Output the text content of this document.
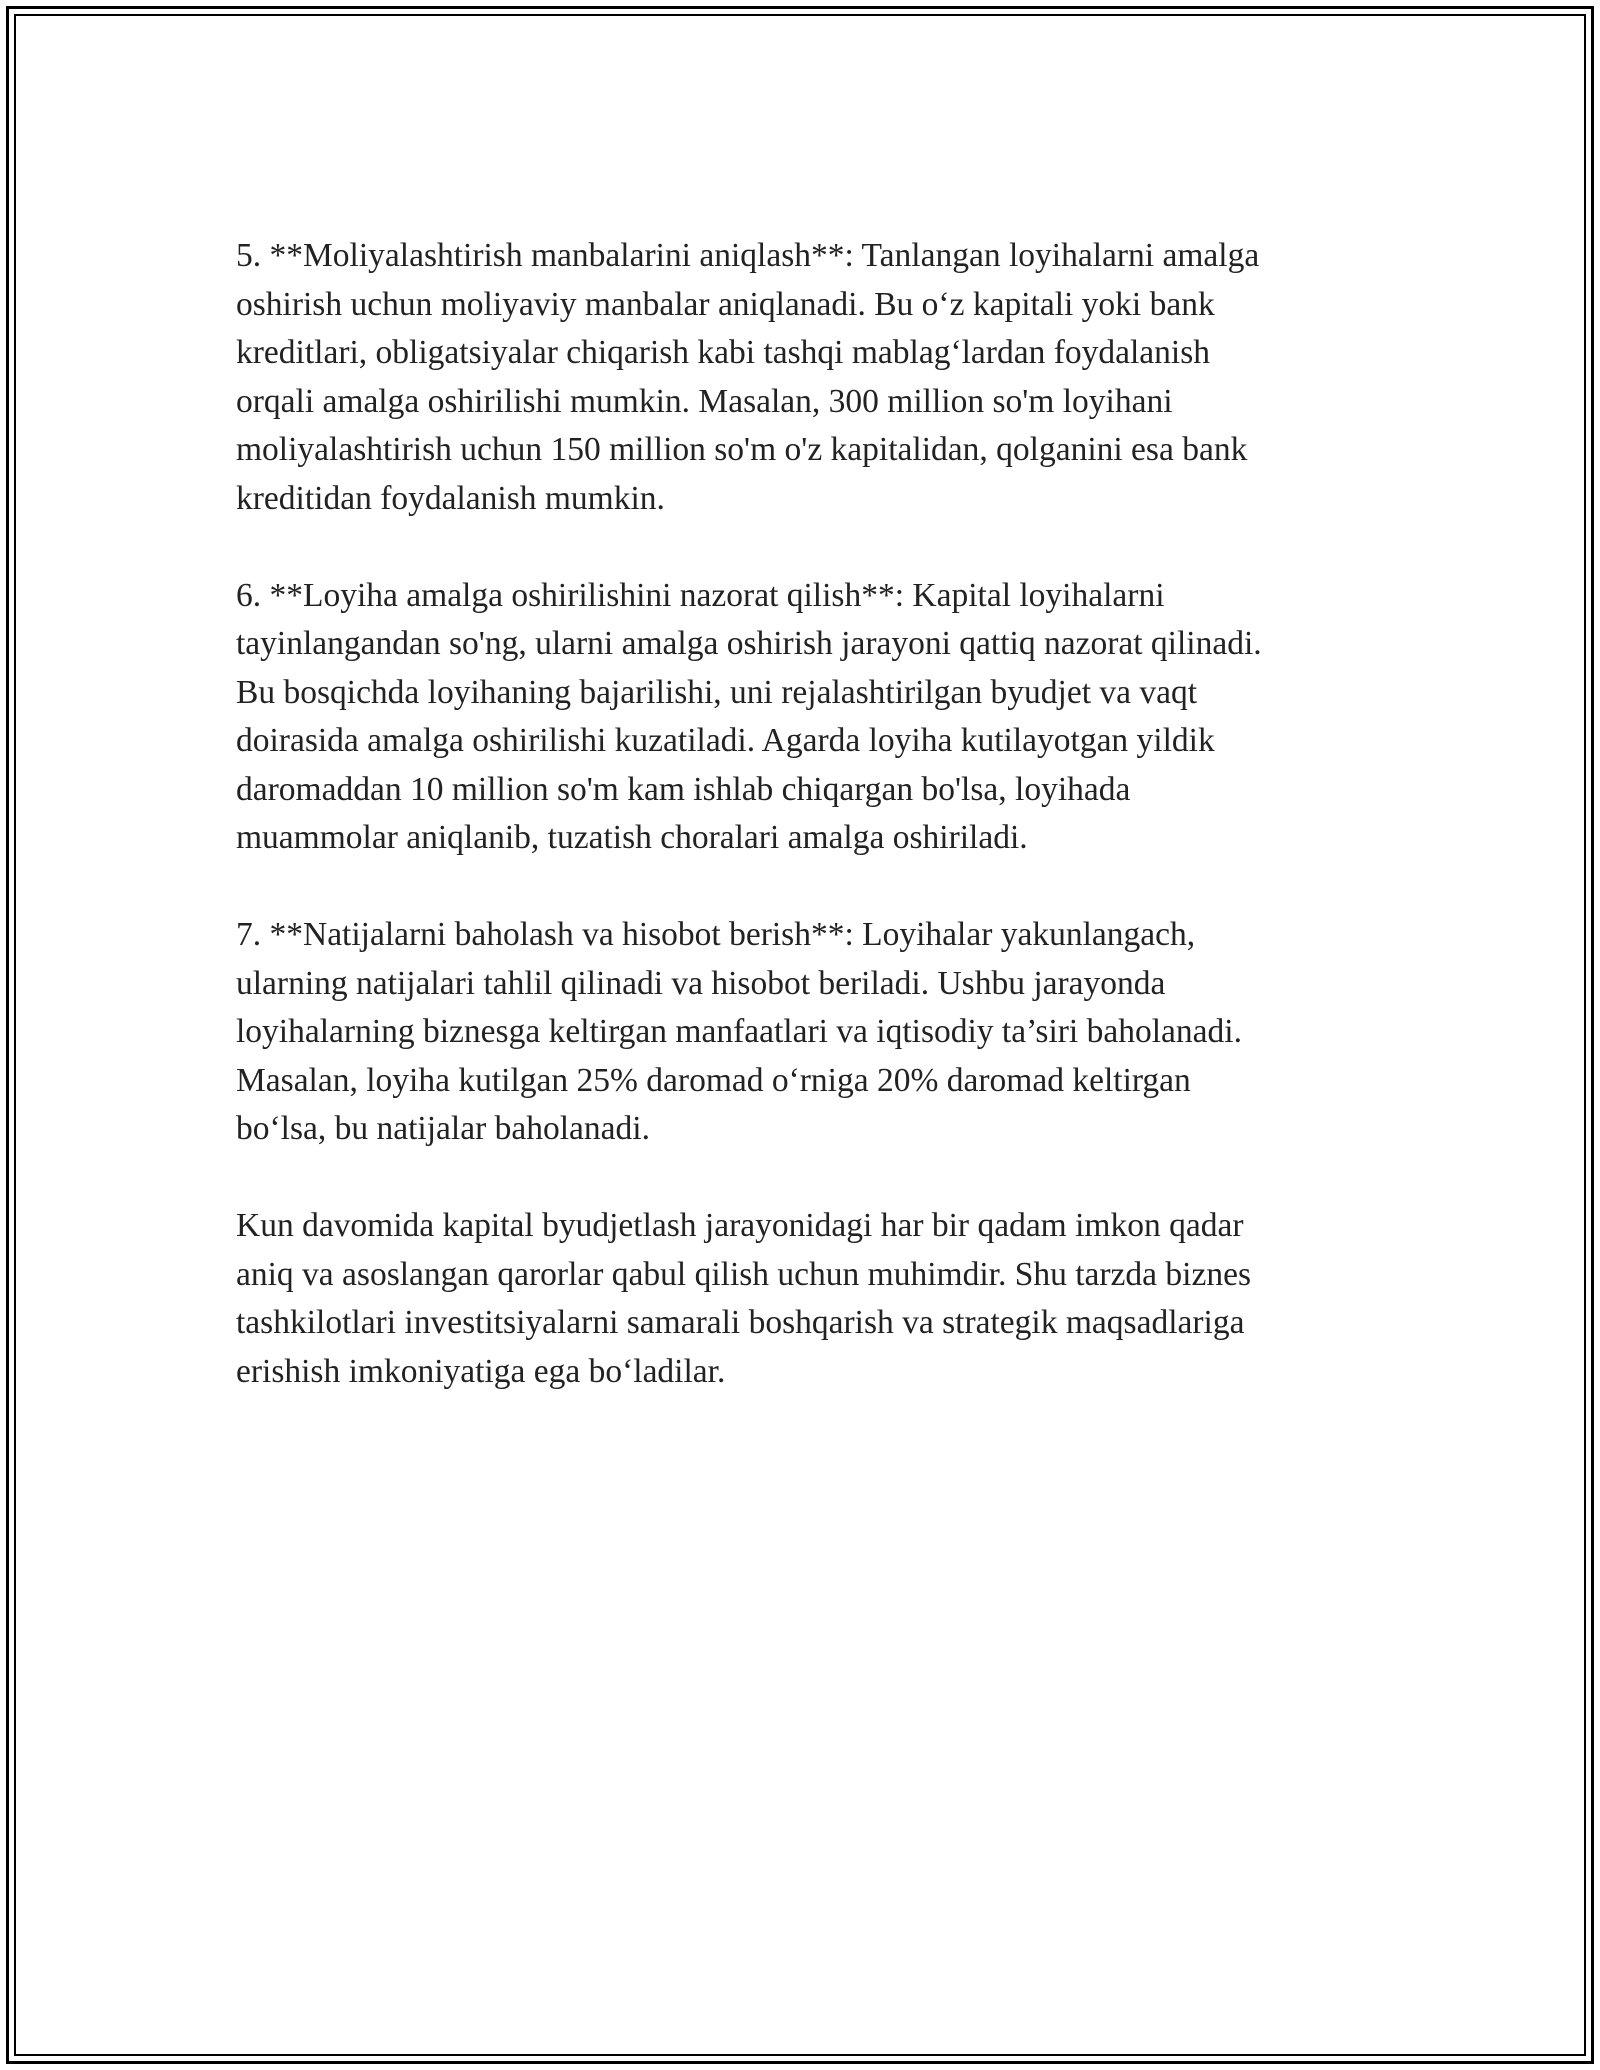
5. **Moliyalashtirish manbalarini aniqlash**: Tanlangan loyihalarni amalga
oshirish uchun moliyaviy manbalar aniqlanadi. Bu o‘z kapitali yoki bank
kreditlari, obligatsiyalar chiqarish kabi tashqi mablag‘lardan foydalanish
orqali amalga oshirilishi mumkin. Masalan, 300 million so'm loyihani
moliyalashtirish uchun 150 million so'm o'z kapitalidan, qolganini esa bank
kreditidan foydalanish mumkin.

6. **Loyiha amalga oshirilishini nazorat qilish**: Kapital loyihalarni
tayinlangandan so'ng, ularni amalga oshirish jarayoni qattiq nazorat qilinadi.
Bu bosqichda loyihaning bajarilishi, uni rejalashtirilgan byudjet va vaqt
doirasida amalga oshirilishi kuzatiladi. Agarda loyiha kutilayotgan yildik
daromaddan 10 million so'm kam ishlab chiqargan bo'lsa, loyihada
muammolar aniqlanib, tuzatish choralari amalga oshiriladi.

7. **Natijalarni baholash va hisobot berish**: Loyihalar yakunlangach,
ularning natijalari tahlil qilinadi va hisobot beriladi. Ushbu jarayonda
loyihalarning biznesga keltirgan manfaatlari va iqtisodiy ta’siri baholanadi.
Masalan, loyiha kutilgan 25% daromad o‘rniga 20% daromad keltirgan
bo‘lsa, bu natijalar baholanadi.

Kun davomida kapital byudjetlash jarayonidagi har bir qadam imkon qadar
aniq va asoslangan qarorlar qabul qilish uchun muhimdir. Shu tarzda biznes
tashkilotlari investitsiyalarni samarali boshqarish va strategik maqsadlariga
erishish imkoniyatiga ega bo‘ladilar.
